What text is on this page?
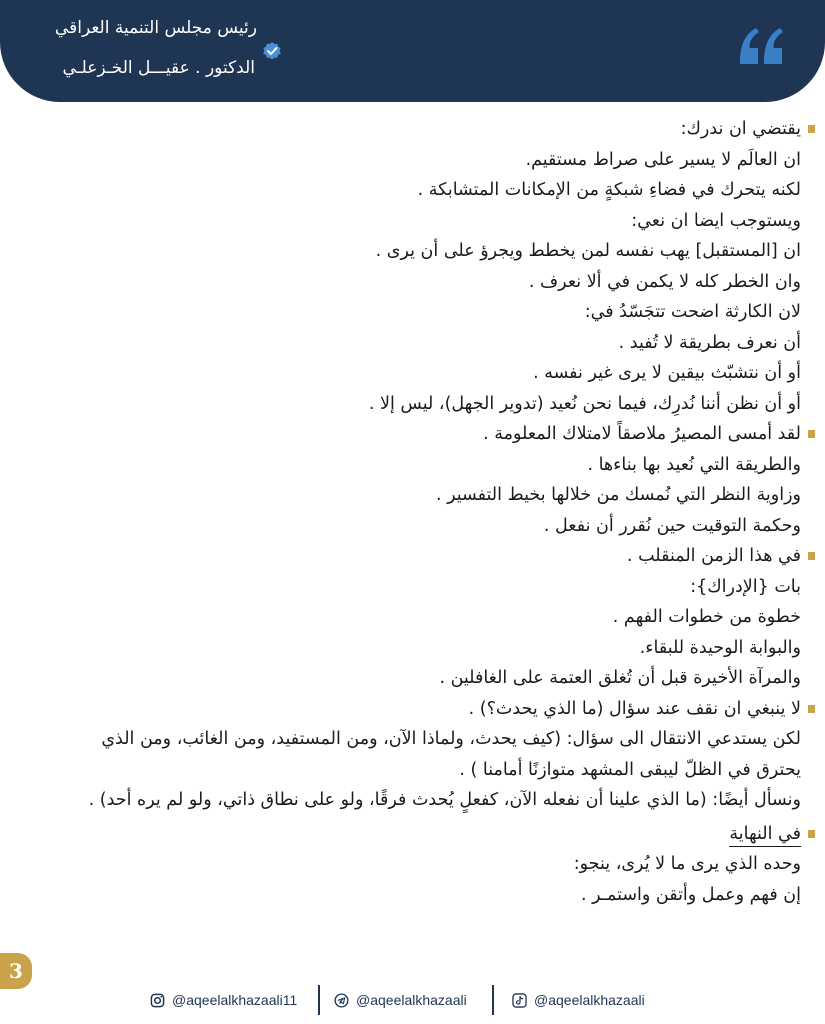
رئيس مجلس التنمية العراقي
الدكتور . عقيـــل الخـزعلـي
يقتضي ان ندرك:
ان العالَم لا يسير على صراط مستقيم.
لكنه يتحرك في فضاءِ شبكةٍ من الإمكانات المتشابكة .
ويستوجب ايضا ان نعي:
ان [المستقبل] يهب نفسه لمن يخطط ويجرؤ على أن يرى .
وان الخطر كله لا يكمن في ألا نعرف .
لان الكارثة اضحت تتجَسّدُ في:
أن نعرف بطريقة لا تُفيد .
أو أن نتشبّث بيقين لا يرى غير نفسه .
أو أن نظن أننا نُدرِك، فيما نحن نُعيد (تدوير الجهل)، ليس إلا .
لقد أمسى المصيرُ ملاصقاً لامتلاك المعلومة .
والطريقة التي نُعيد بها بناءها .
وزاوية النظر التي نُمسك من خلالها بخيط التفسير .
وحكمة التوقيت حين نُقرر أن نفعل .
في هذا الزمن المنقلب .
بات {الإدراك}:
خطوة من خطوات الفهم .
والبوابة الوحيدة للبقاء.
والمرآة الأخيرة قبل أن تُغلق العتمة على الغافلين .
لا ينبغي ان نقف عند سؤال (ما الذي يحدث؟) .
لكن يستدعي الانتقال الى سؤال: (كيف يحدث، ولماذا الآن، ومن المستفيد، ومن الغائب، ومن الذي
يحترق في الظلّ ليبقى المشهد متوازنًا أمامنا ) .
ونسأل أيضًا: (ما الذي علينا أن نفعله الآن، كفعلٍ يُحدث فرقًا، ولو على نطاق ذاتي، ولو لم يره أحد) .
في النهاية
وحده الذي يرى ما لا يُرى، ينجو:
إن فهم وعمل وأتقن واستمـر .
3
@aqeelalkhazaali11	@aqeelalkhazaali	@aqeelalkhazaali
